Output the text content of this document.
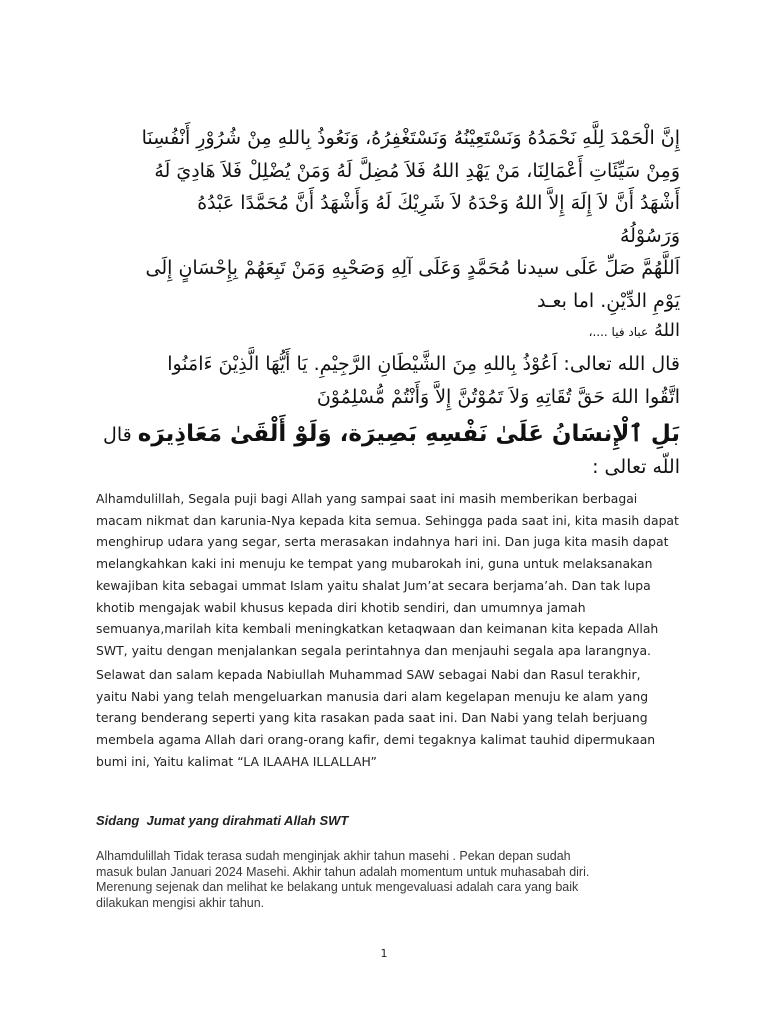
إِنَّ الْحَمْدَ لِلَّهِ نَحْمَدُهُ وَنَسْتَعِيْنُهُ وَنَسْتَغْفِرُهُ، وَنَعُوذُ بِاللهِ مِنْ شُرُوْرِ أَنْفُسِنَا
وَمِنْ سَيِّئَاتِ أَعْمَالِنَا، مَنْ يَهْدِ اللهُ فَلاَ مُضِلَّ لَهُ وَمَنْ يُضْلِلْ فَلاَ هَادِيَ لَهُ
أَشْهَدُ أَنَّ لاَ إِلَهَ إِلاَّ اللهُ وَحْدَهُ لاَ شَرِيْكَ لَهُ وَأَشْهَدُ أَنَّ مُحَمَّدًا عَبْدُهُ
وَرَسُوْلُهُ
اَللَّهُمَّ صَلِّ عَلَى سيدنا مُحَمَّدٍ وَعَلَى آلِهِ وَصَحْبِهِ وَمَنْ تَبِعَهُمْ بِإِحْسَانٍ إِلَى
يَوْمِ الدِّيْنِ. اما بعـد
اللهُ عباد فيا ....،
قال الله تعالى: اَعُوْذُ بِاللهِ مِنَ الشَّيْطَانِ الرَّجِيْمِ. يَا أَيُّهَا الَّذِيْنَ ءَامَنُوا
اتَّقُوا اللهَ حَقَّ تُقَاتِهِ وَلاَ تَمُوْتُنَّ إِلاَّ وَأَنْتُمْ مُّسْلِمُوْنَ
بَلِ ٱلْإِنسَانُ عَلَىٰ نَفْسِهِ بَصِيرَة، وَلَوْ أَلْقَىٰ مَعَاذِيرَه قال
اللّه تعالى :
Alhamdulillah, Segala puji bagi Allah yang sampai saat ini masih memberikan berbagai
macam nikmat dan karunia-Nya kepada kita semua. Sehingga pada saat ini, kita masih dapat
menghirup udara yang segar, serta merasakan indahnya hari ini. Dan juga kita masih dapat
melangkahkan kaki ini menuju ke tempat yang mubarokah ini, guna untuk melaksanakan
kewajiban kita sebagai ummat Islam yaitu shalat Jum’at secara berjama’ah. Dan tak lupa
khotib mengajak wabil khusus kepada diri khotib sendiri, dan umumnya jamah
semuanya,marilah kita kembali meningkatkan ketaqwaan dan keimanan kita kepada Allah
SWT, yaitu dengan menjalankan segala perintahnya dan menjauhi segala apa larangnya.
Selawat dan salam kepada Nabiullah Muhammad SAW sebagai Nabi dan Rasul terakhir,
yaitu Nabi yang telah mengeluarkan manusia dari alam kegelapan menuju ke alam yang
terang benderang seperti yang kita rasakan pada saat ini. Dan Nabi yang telah berjuang
membela agama Allah dari orang-orang kafir, demi tegaknya kalimat tauhid dipermukaan
bumi ini, Yaitu kalimat “LA ILAAHA ILLALLAH”
Sidang  Jumat yang dirahmati Allah SWT
Alhamdulillah Tidak terasa sudah menginjak akhir tahun masehi . Pekan depan sudah
masuk bulan Januari 2024 Masehi. Akhir tahun adalah momentum untuk muhasabah diri.
Merenung sejenak dan melihat ke belakang untuk mengevaluasi adalah cara yang baik
dilakukan mengisi akhir tahun.
1
